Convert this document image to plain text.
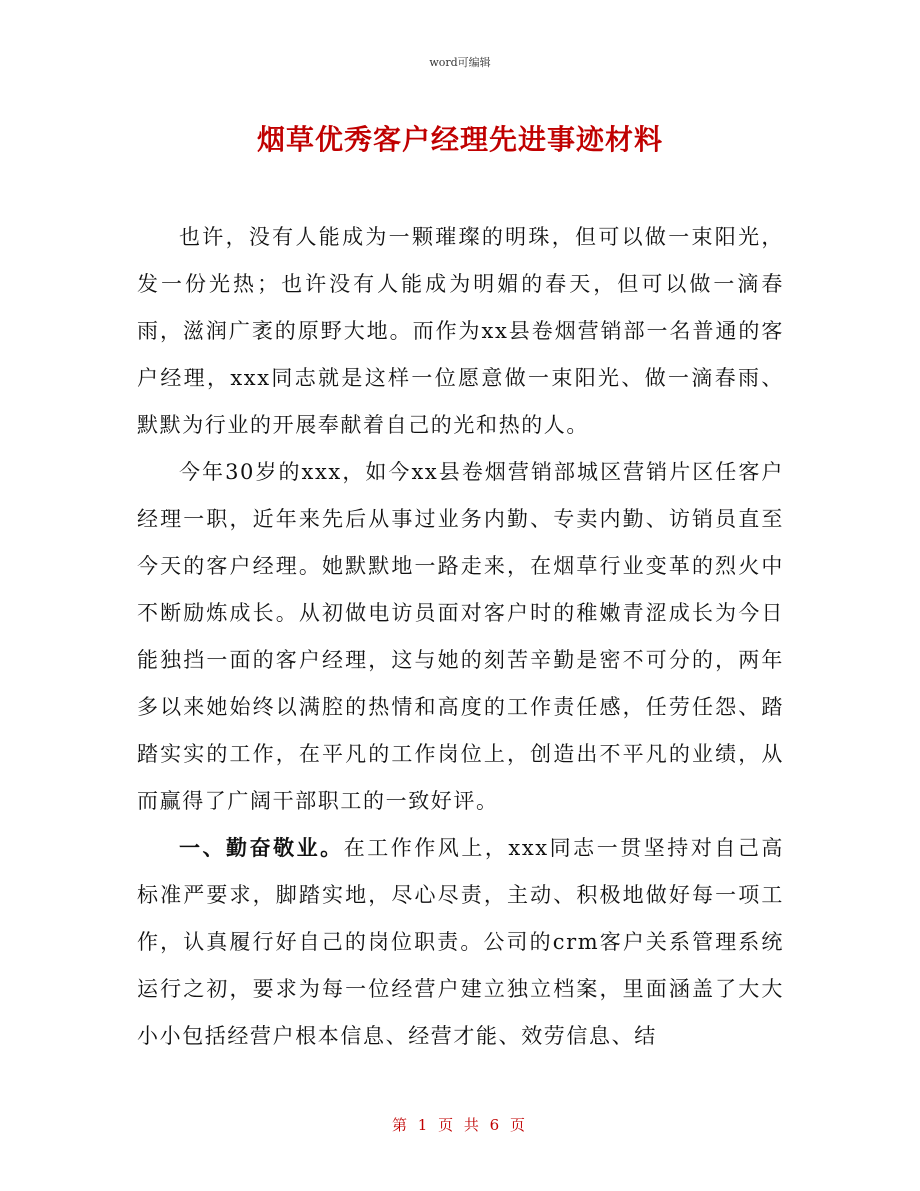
word可编辑
烟草优秀客户经理先进事迹材料

也许，没有人能成为一颗璀璨的明珠，但可以做一束阳光，发一份光热；也许没有人能成为明媚的春天，但可以做一滴春雨，滋润广袤的原野大地。而作为xx县卷烟营销部一名普通的客户经理，xxx同志就是这样一位愿意做一束阳光、做一滴春雨、默默为行业的开展奉献着自己的光和热的人。

今年30岁的xxx，如今xx县卷烟营销部城区营销片区任客户经理一职，近年来先后从事过业务内勤、专卖内勤、访销员直至今天的客户经理。她默默地一路走来，在烟草行业变革的烈火中不断励炼成长。从初做电访员面对客户时的稚嫩青涩成长为今日能独挡一面的客户经理，这与她的刻苦辛勤是密不可分的，两年多以来她始终以满腔的热情和高度的工作责任感，任劳任怨、踏踏实实的工作，在平凡的工作岗位上，创造出不平凡的业绩，从而赢得了广阔干部职工的一致好评。

一、勤奋敬业。在工作作风上，xxx同志一贯坚持对自己高标准严要求，脚踏实地，尽心尽责，主动、积极地做好每一项工作，认真履行好自己的岗位职责。公司的crm客户关系管理系统运行之初，要求为每一位经营户建立独立档案，里面涵盖了大大小小包括经营户根本信息、经营才能、效劳信息、结

第 1 页 共 6 页
